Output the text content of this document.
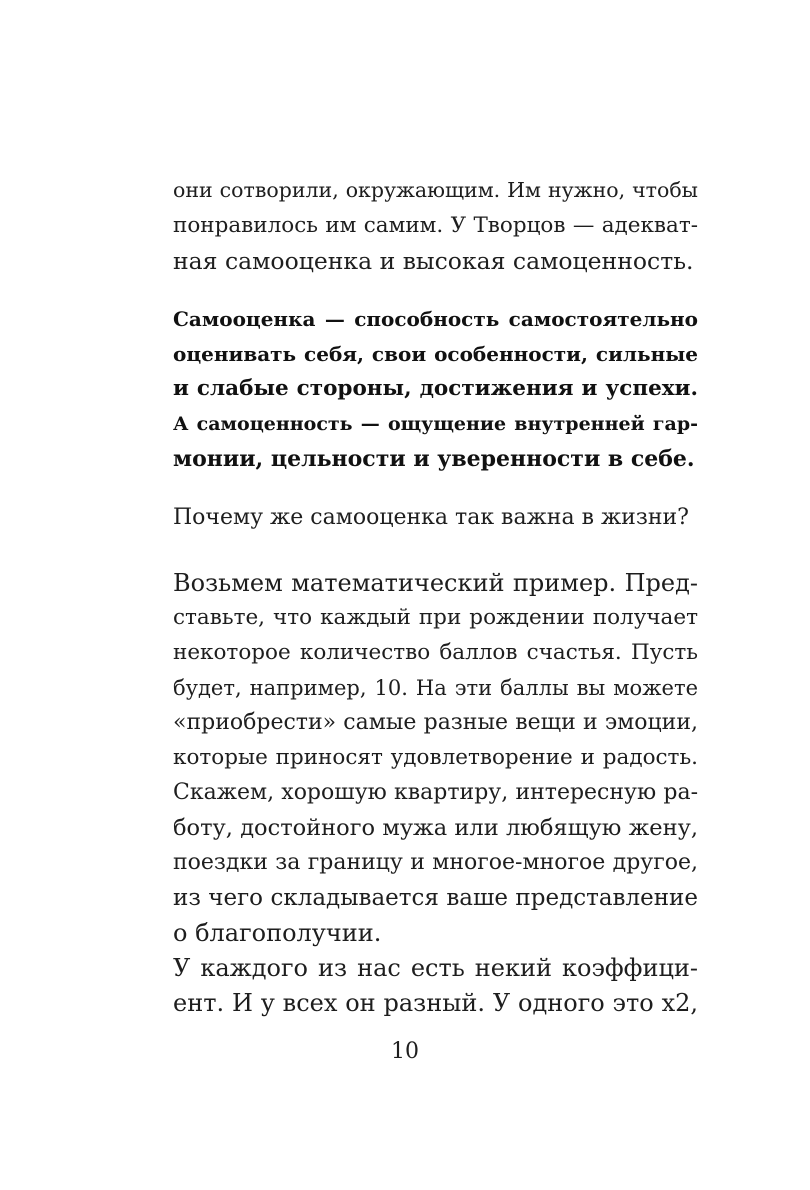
они сотворили, окружающим. Им нужно, чтобы
понравилось им самим. У Творцов — адекват-
ная самооценка и высокая самоценность.
Самооценка — способность самостоятельно
оценивать себя, свои особенности, сильные
и слабые стороны, достижения и успехи.
А самоценность — ощущение внутренней гар-
монии, цельности и уверенности в себе.
Почему же самооценка так важна в жизни?
Возьмем математический пример. Пред-
ставьте, что каждый при рождении получает
некоторое количество баллов счастья. Пусть
будет, например, 10. На эти баллы вы можете
«приобрести» самые разные вещи и эмоции,
которые приносят удовлетворение и радость.
Скажем, хорошую квартиру, интересную ра-
боту, достойного мужа или любящую жену,
поездки за границу и многое-многое другое,
из чего складывается ваше представление
о благополучии.
У каждого из нас есть некий коэффици-
ент. И у всех он разный. У одного это х2,
10
